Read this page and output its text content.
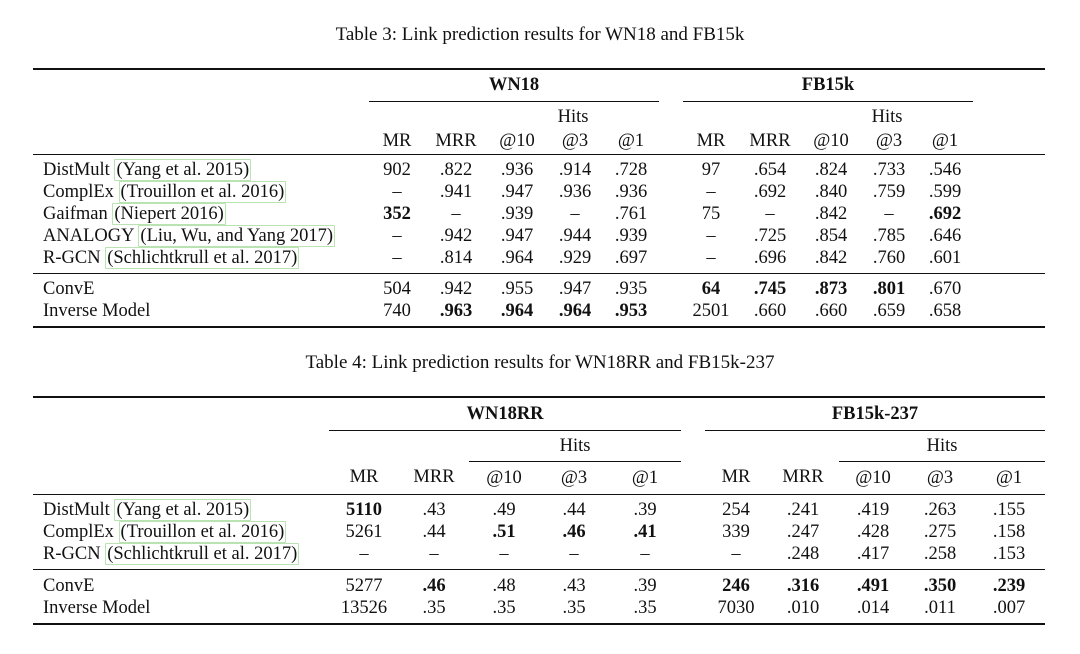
Table 3: Link prediction results for WN18 and FB15k
	WN18						FB15k					
			Hits						Hits			
	MR	MRR	@10	@3	@1		MR	MRR	@10	@3	@1	
DistMult (Yang et al. 2015)	902	.822	.936	.914	.728		97	.654	.824	.733	.546	
ComplEx (Trouillon et al. 2016)	–	.941	.947	.936	.936		–	.692	.840	.759	.599	
Gaifman (Niepert 2016)	352	–	.939	–	.761		75	–	.842	–	.692	
ANALOGY (Liu, Wu, and Yang 2017)	–	.942	.947	.944	.939		–	.725	.854	.785	.646	
R-GCN (Schlichtkrull et al. 2017)	–	.814	.964	.929	.697		–	.696	.842	.760	.601	
ConvE	504	.942	.955	.947	.935		64	.745	.873	.801	.670	
Inverse Model	740	.963	.964	.964	.953		2501	.660	.660	.659	.658	
Table 4: Link prediction results for WN18RR and FB15k-237
	WN18RR						FB15k-237					
			Hits						Hits			
	MR	MRR	@10	@3	@1		MR	MRR	@10	@3	@1	
DistMult (Yang et al. 2015)	5110	.43	.49	.44	.39		254	.241	.419	.263	.155	
ComplEx (Trouillon et al. 2016)	5261	.44	.51	.46	.41		339	.247	.428	.275	.158	
R-GCN (Schlichtkrull et al. 2017)	–	–	–	–	–		–	.248	.417	.258	.153	
ConvE	5277	.46	.48	.43	.39		246	.316	.491	.350	.239	
Inverse Model	13526	.35	.35	.35	.35		7030	.010	.014	.011	.007	
